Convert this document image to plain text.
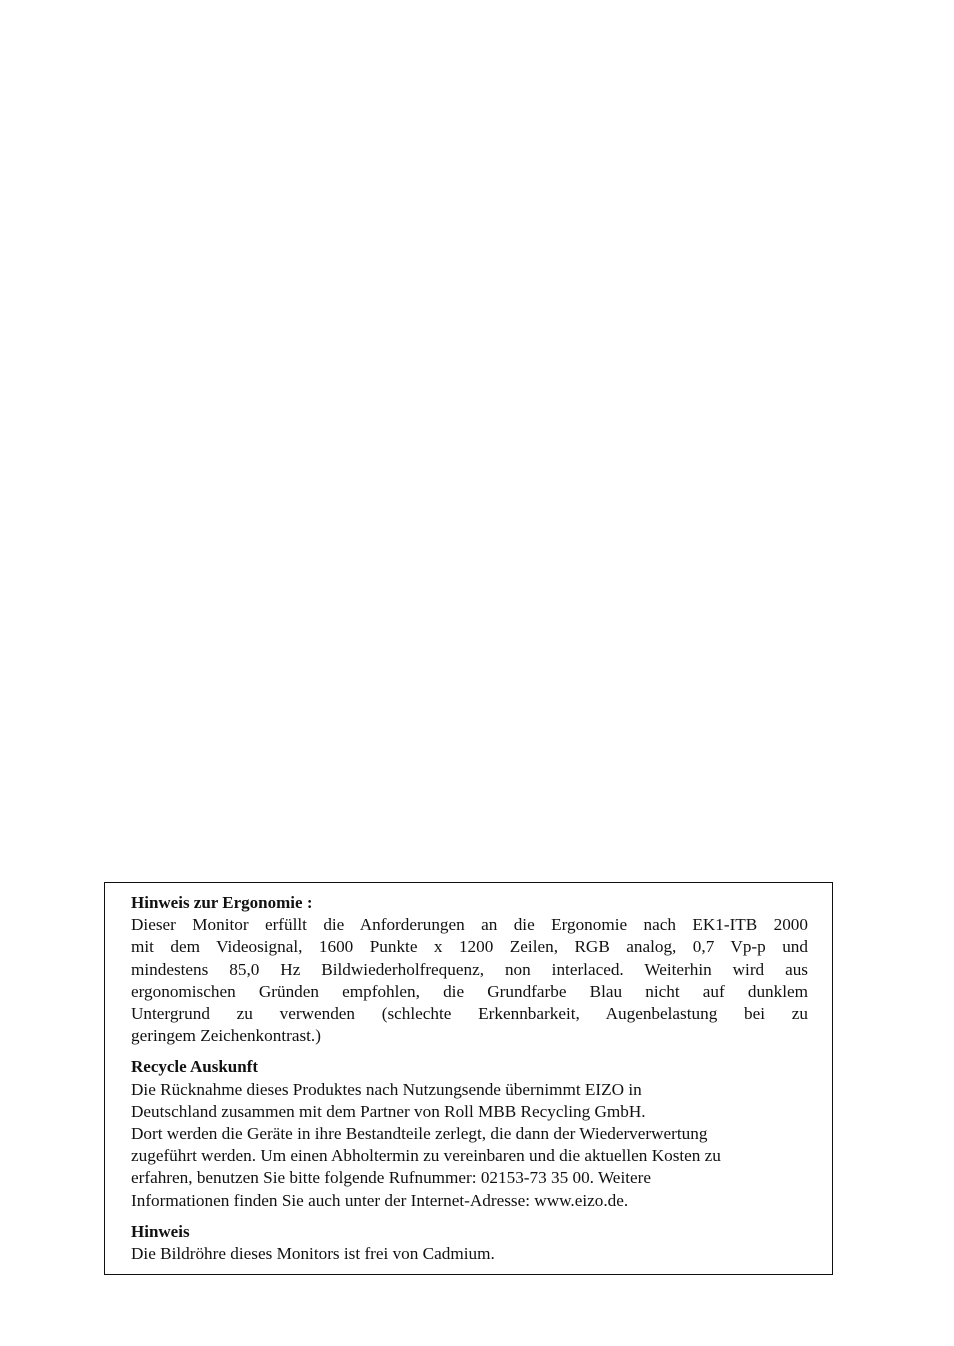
Hinweis zur Ergonomie :

Dieser Monitor erfüllt die Anforderungen an die Ergonomie nach EK1-ITB 2000
mit dem Videosignal, 1600 Punkte x 1200 Zeilen, RGB analog, 0,7 Vp-p und
mindestens 85,0 Hz Bildwiederholfrequenz, non interlaced. Weiterhin wird aus
ergonomischen Gründen empfohlen, die Grundfarbe Blau nicht auf dunklem
Untergrund zu verwenden (schlechte Erkennbarkeit, Augenbelastung bei zu
geringem Zeichenkontrast.)

Recycle Auskunft

Die Rücknahme dieses Produktes nach Nutzungsende übernimmt EIZO in
Deutschland zusammen mit dem Partner von Roll MBB Recycling GmbH.
Dort werden die Geräte in ihre Bestandteile zerlegt, die dann der Wiederverwertung
zugeführt werden. Um einen Abholtermin zu vereinbaren und die aktuellen Kosten zu
erfahren, benutzen Sie bitte folgende Rufnummer: 02153-73 35 00. Weitere
Informationen finden Sie auch unter der Internet-Adresse: www.eizo.de.

Hinweis

Die Bildröhre dieses Monitors ist frei von Cadmium.
